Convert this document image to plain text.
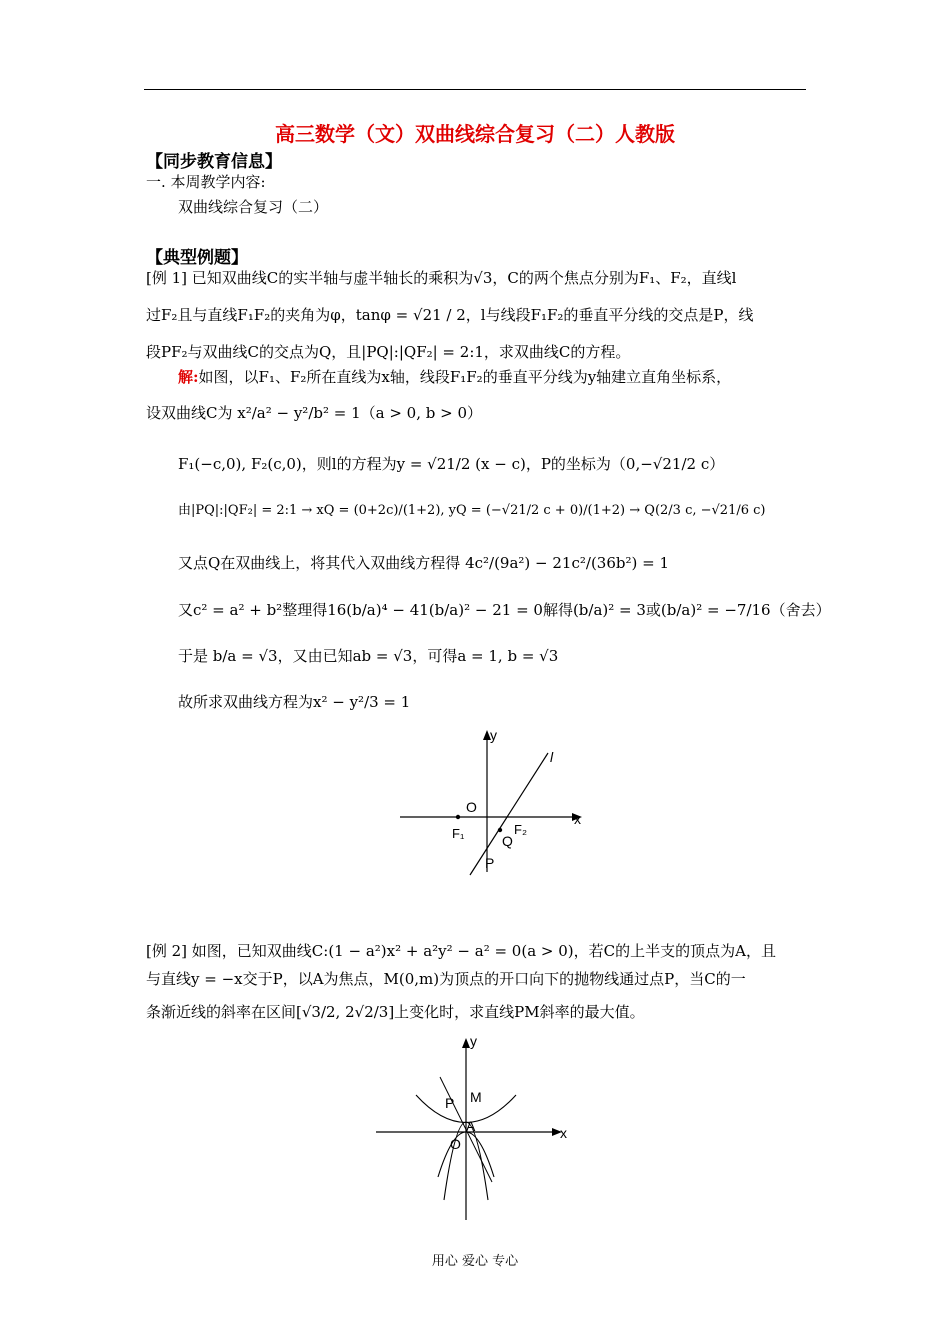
高三数学（文）双曲线综合复习（二）人教版
【同步教育信息】
一. 本周教学内容:
双曲线综合复习（二）
【典型例题】
[例 1] 已知双曲线C的实半轴与虚半轴长的乘积为√3，C的两个焦点分别为F₁、F₂，直线l
过F₂且与直线F₁F₂的夹角为φ，tanφ = √21 / 2，l与线段F₁F₂的垂直平分线的交点是P，线
段PF₂与双曲线C的交点为Q，且|PQ|:|QF₂| = 2:1，求双曲线C的方程。
解:如图，以F₁、F₂所在直线为x轴，线段F₁F₂的垂直平分线为y轴建立直角坐标系，
设双曲线C为 x²/a² − y²/b² = 1（a > 0, b > 0）
F₁(−c,0), F₂(c,0)，则l的方程为y = √21/2 (x − c)，P的坐标为（0,−√21/2 c）
由|PQ|:|QF₂| = 2:1 → xQ = (0+2c)/(1+2), yQ = (−√21/2 c + 0)/(1+2) → Q(2/3 c, −√21/6 c)
又点Q在双曲线上，将其代入双曲线方程得 4c²/(9a²) − 21c²/(36b²) = 1
又c² = a² + b²整理得16(b/a)⁴ − 41(b/a)² − 21 = 0解得(b/a)² = 3或(b/a)² = −7/16（舍去）
于是 b/a = √3，又由已知ab = √3，可得a = 1, b = √3
故所求双曲线方程为x² − y²/3 = 1
y
x
l
O
F₁	F₂
Q
P
[例 2] 如图，已知双曲线C:(1 − a²)x² + a²y² − a² = 0(a > 0)，若C的上半支的顶点为A，且
与直线y = −x交于P，以A为焦点，M(0,m)为顶点的开口向下的抛物线通过点P，当C的一
条渐近线的斜率在区间[√3/2, 2√2/3]上变化时，求直线PM斜率的最大值。
y
x
M
P
A
O
用心 爱心 专心
